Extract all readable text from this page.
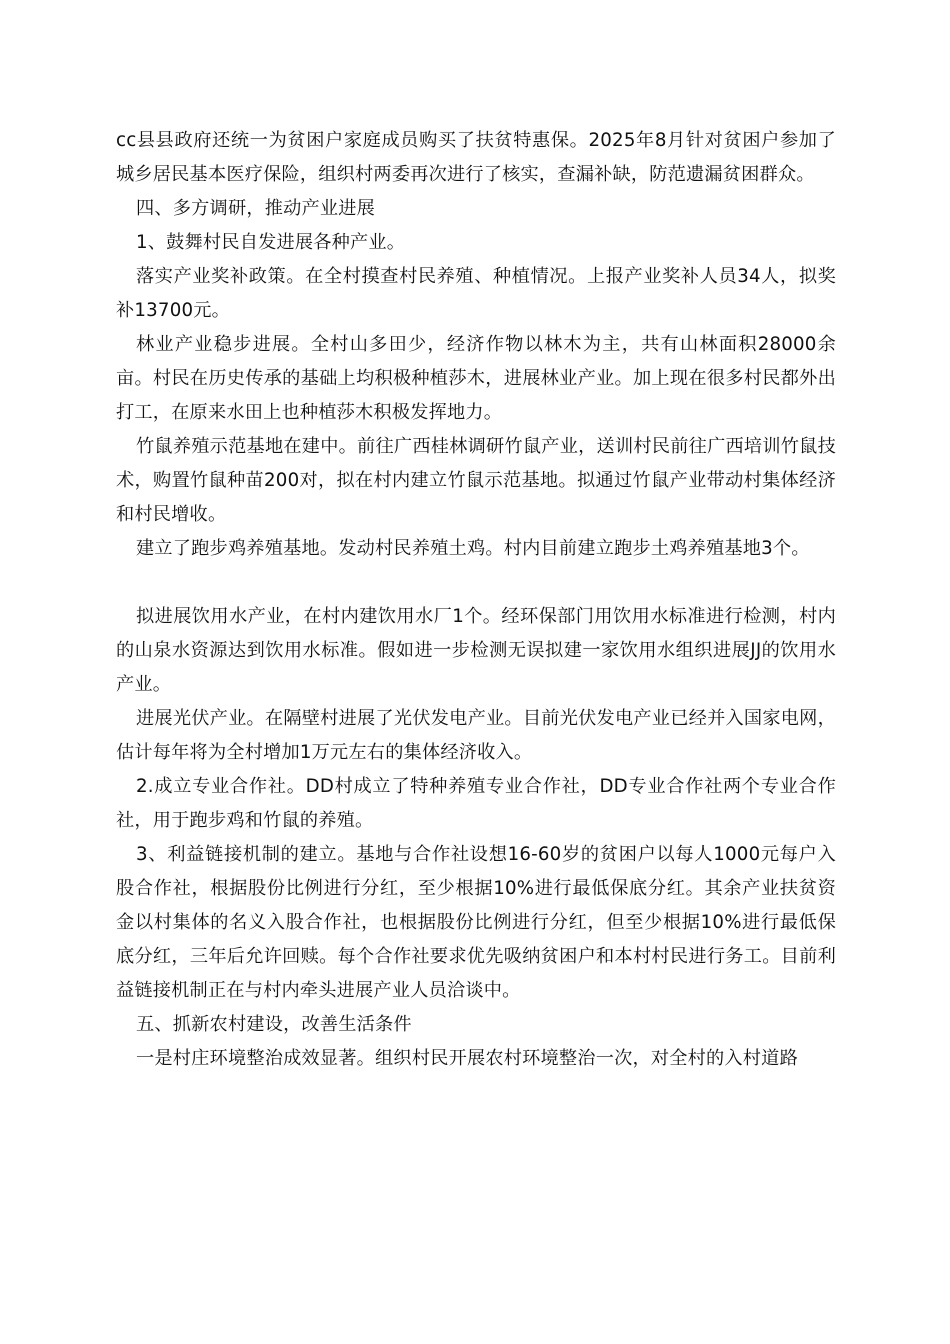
cc县县政府还统一为贫困户家庭成员购买了扶贫特惠保。2025年8月针对贫困户参加了城乡居民基本医疗保险，组织村两委再次进行了核实，查漏补缺，防范遗漏贫困群众。

四、多方调研，推动产业进展

1、鼓舞村民自发进展各种产业。

落实产业奖补政策。在全村摸查村民养殖、种植情况。上报产业奖补人员34人，拟奖补13700元。

林业产业稳步进展。全村山多田少，经济作物以林木为主，共有山林面积28000余亩。村民在历史传承的基础上均积极种植莎木，进展林业产业。加上现在很多村民都外出打工，在原来水田上也种植莎木积极发挥地力。

竹鼠养殖示范基地在建中。前往广西桂林调研竹鼠产业，送训村民前往广西培训竹鼠技术，购置竹鼠种苗200对，拟在村内建立竹鼠示范基地。拟通过竹鼠产业带动村集体经济和村民增收。

建立了跑步鸡养殖基地。发动村民养殖土鸡。村内目前建立跑步土鸡养殖基地3个。

拟进展饮用水产业，在村内建饮用水厂1个。经环保部门用饮用水标准进行检测，村内的山泉水资源达到饮用水标准。假如进一步检测无误拟建一家饮用水组织进展JJ的饮用水产业。

进展光伏产业。在隔壁村进展了光伏发电产业。目前光伏发电产业已经并入国家电网，估计每年将为全村增加1万元左右的集体经济收入。

2.成立专业合作社。DD村成立了特种养殖专业合作社，DD专业合作社两个专业合作社，用于跑步鸡和竹鼠的养殖。

3、利益链接机制的建立。基地与合作社设想16-60岁的贫困户以每人1000元每户入股合作社，根据股份比例进行分红，至少根据10%进行最低保底分红。其余产业扶贫资金以村集体的名义入股合作社，也根据股份比例进行分红，但至少根据10%进行最低保底分红，三年后允许回赎。每个合作社要求优先吸纳贫困户和本村村民进行务工。目前利益链接机制正在与村内牵头进展产业人员洽谈中。

五、抓新农村建设，改善生活条件

一是村庄环境整治成效显著。组织村民开展农村环境整治一次，对全村的入村道路
